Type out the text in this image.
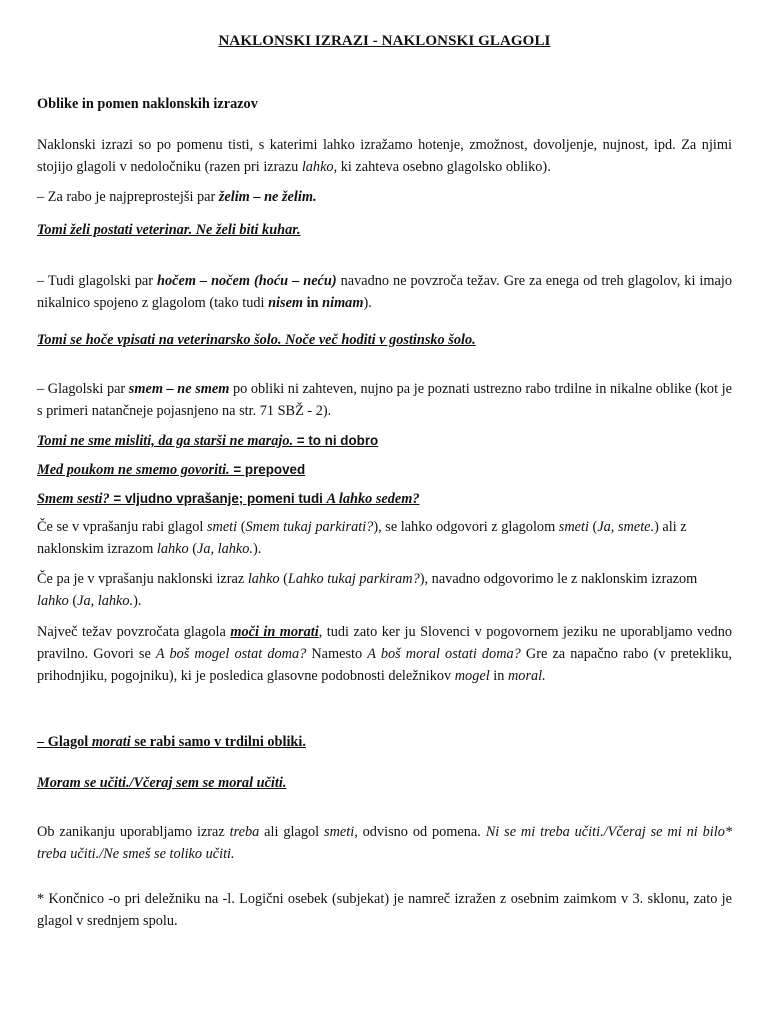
NAKLONSKI IZRAZI - NAKLONSKI GLAGOLI

Oblike in pomen naklonskih izrazov

Naklonski izrazi so po pomenu tisti, s katerimi lahko izražamo hotenje, zmožnost, dovoljenje, nujnost, ipd. Za njimi stojijo glagoli v nedoločniku (razen pri izrazu lahko, ki zahteva osebno glagolsko obliko).

– Za rabo je najpreprostejši par želim – ne želim.

Tomi želi postati veterinar. Ne želi biti kuhar.

– Tudi glagolski par hočem – nočem (hoću – neću) navadno ne povzroča težav. Gre za enega od treh glagolov, ki imajo nikalnico spojeno z glagolom (tako tudi nisem in nimam).

Tomi se hoče vpisati na veterinarsko šolo. Noče več hoditi v gostinsko šolo.

– Glagolski par smem – ne smem po obliki ni zahteven, nujno pa je poznati ustrezno rabo trdilne in nikalne oblike (kot je s primeri natančneje pojasnjeno na str. 71 SBŽ - 2).

Tomi ne sme misliti, da ga starši ne marajo. = to ni dobro

Med poukom ne smemo govoriti. = prepoved

Smem sesti? = vljudno vprašanje; pomeni tudi A lahko sedem?

Če se v vprašanju rabi glagol smeti (Smem tukaj parkirati?), se lahko odgovori z glagolom smeti (Ja, smete.) ali z naklonskim izrazom lahko (Ja, lahko.).

Če pa je v vprašanju naklonski izraz lahko (Lahko tukaj parkiram?), navadno odgovorimo le z naklonskim izrazom lahko (Ja, lahko.).

Največ težav povzročata glagola moči in morati, tudi zato ker ju Slovenci v pogovornem jeziku ne uporabljamo vedno pravilno. Govori se A boš mogel ostat doma? Namesto A boš moral ostati doma? Gre za napačno rabo (v pretekliku, prihodnjiku, pogojniku), ki je posledica glasovne podobnosti deležnikov mogel in moral.

– Glagol morati se rabi samo v trdilni obliki.

Moram se učiti./Včeraj sem se moral učiti.

Ob zanikanju uporabljamo izraz treba ali glagol smeti, odvisno od pomena. Ni se mi treba učiti./Včeraj se mi ni bilo* treba učiti./Ne smeš se toliko učiti.

* Končnico -o pri deležniku na -l. Logični osebek (subjekat) je namreč izražen z osebnim zaimkom v 3. sklonu, zato je glagol v srednjem spolu.
